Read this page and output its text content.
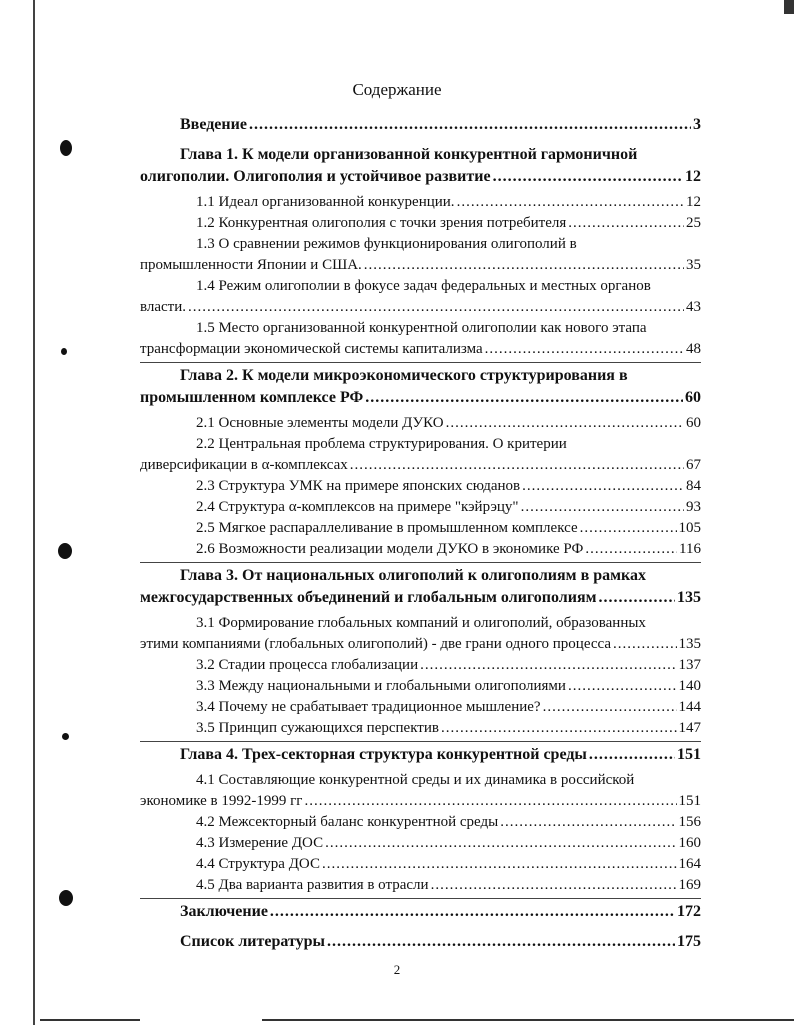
Содержание
Введение .....	3
Глава 1. К модели организованной конкурентной гармоничной
олигополии. Олигополия и устойчивое развитие .....	12
1.1 Идеал организованной конкуренции. .....	12
1.2 Конкурентная олигополия с точки зрения потребителя .....	25
1.3 О сравнении режимов функционирования олигополий в
промышленности Японии и США. .....	35
1.4 Режим олигополии в фокусе задач федеральных и местных органов
власти. .....	43
1.5 Место организованной конкурентной олигополии как нового этапа
трансформации экономической системы капитализма .....	48
Глава 2. К модели микроэкономического структурирования в
промышленном комплексе РФ .....	60
2.1 Основные элементы модели ДУКО .....	60
2.2 Центральная проблема структурирования. О критерии
диверсификации в α-комплексах .....	67
2.3 Структура УМК на примере японских сюданов .....	84
2.4 Структура α-комплексов на примере "кэйрэцу" .....	93
2.5 Мягкое распараллеливание в промышленном комплексе .....	105
2.6 Возможности реализации модели ДУКО в экономике РФ .....	116
Глава 3. От национальных олигополий к олигополиям в рамках
межгосударственных объединений и глобальным олигополиям .....	135
3.1 Формирование глобальных компаний и олигополий, образованных
этими компаниями (глобальных олигополий) - две грани одного процесса .....	135
3.2 Стадии процесса глобализации .....	137
3.3 Между национальными и глобальными олигополиями .....	140
3.4 Почему не срабатывает традиционное мышление? .....	144
3.5 Принцип сужающихся перспектив .....	147
Глава 4. Трех-секторная структура конкурентной среды .....	151
4.1 Составляющие конкурентной среды и их динамика в российской
экономике в 1992-1999 гг .....	151
4.2 Межсекторный баланс конкурентной среды .....	156
4.3 Измерение ДОС .....	160
4.4 Структура ДОС .....	164
4.5 Два варианта развития в отрасли .....	169
Заключение .....	172
Список литературы .....	175
2
